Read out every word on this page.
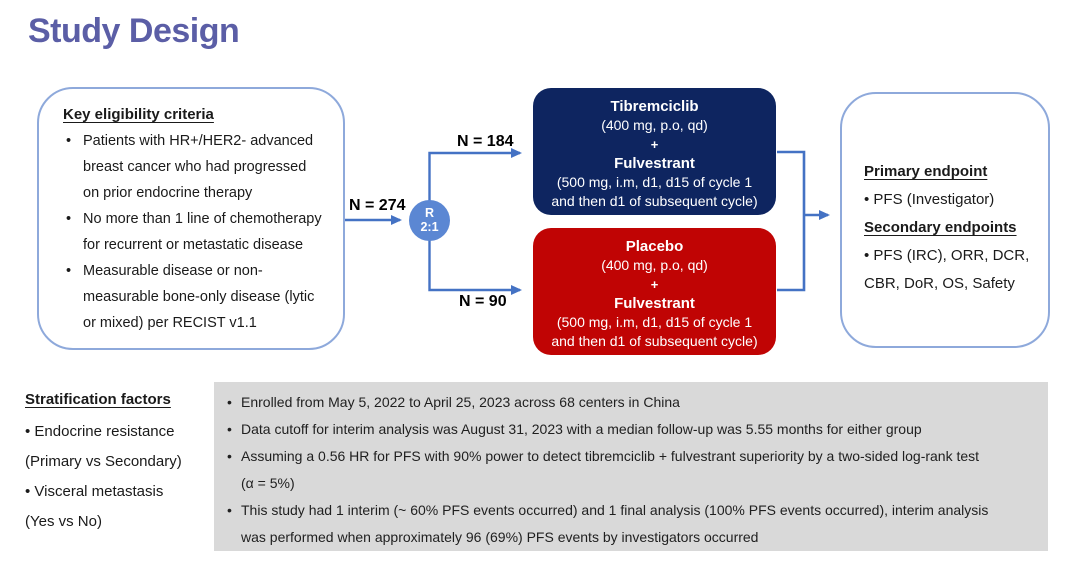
Study Design
Key eligibility criteria
• Patients with HR+/HER2- advanced
breast cancer who had progressed
on prior endocrine therapy
• No more than 1 line of chemotherapy
for recurrent or metastatic disease
• Measurable disease or non-
measurable bone-only disease (lytic
or mixed) per RECIST v1.1
N = 274
N = 184
N = 90
R
2:1
Tibremciclib
(400 mg, p.o, qd)
+
Fulvestrant
(500 mg, i.m, d1, d15 of cycle 1
and then d1 of subsequent cycle)
Placebo
(400 mg, p.o, qd)
+
Fulvestrant
(500 mg, i.m, d1, d15 of cycle 1
and then d1 of subsequent cycle)
Primary endpoint
• PFS (Investigator)
Secondary endpoints
• PFS (IRC), ORR, DCR,
CBR, DoR, OS, Safety
Stratification factors
• Endocrine resistance
(Primary vs Secondary)
• Visceral metastasis
(Yes vs No)
• Enrolled from May 5, 2022 to April 25, 2023 across 68 centers in China
• Data cutoff for interim analysis was August 31, 2023 with a median follow-up was 5.55 months for either group
• Assuming a 0.56 HR for PFS with 90% power to detect tibremciclib + fulvestrant superiority by a two-sided log-rank test
(α = 5%)
• This study had 1 interim (~ 60% PFS events occurred) and 1 final analysis (100% PFS events occurred), interim analysis
was performed when approximately 96 (69%) PFS events by investigators occurred
